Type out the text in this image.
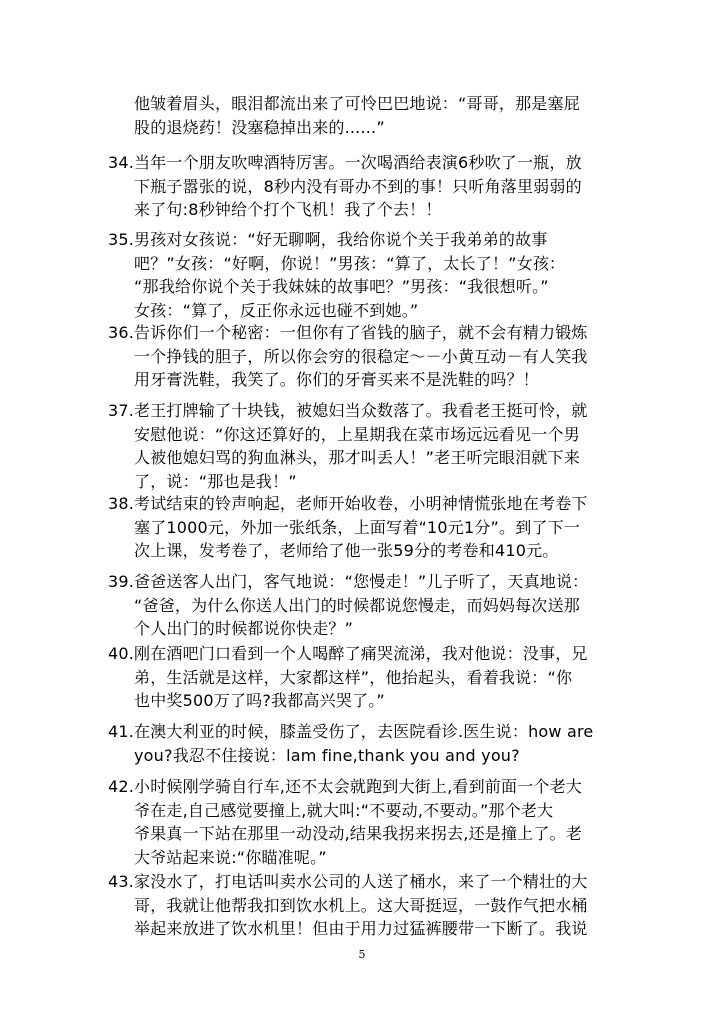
他皱着眉头，眼泪都流出来了可怜巴巴地说：“哥哥，那是塞屁
股的退烧药！没塞稳掉出来的......”
34. 当年一个朋友吹啤酒特厉害。一次喝酒给表演6秒吹了一瓶，放
下瓶子嚣张的说，8秒内没有哥办不到的事！只听角落里弱弱的
来了句:8秒钟给个打个飞机！我了个去！！
35. 男孩对女孩说：“好无聊啊，我给你说个关于我弟弟的故事
吧？”女孩：“好啊，你说！”男孩：“算了，太长了！”女孩：
“那我给你说个关于我妹妹的故事吧？”男孩：“我很想听。”
女孩：“算了，反正你永远也碰不到她。”
36. 告诉你们一个秘密：一但你有了省钱的脑子，就不会有精力锻炼
一个挣钱的胆子，所以你会穷的很稳定～－小黄互动－有人笑我
用牙膏洗鞋，我笑了。你们的牙膏买来不是洗鞋的吗？！
37. 老王打牌输了十块钱，被媳妇当众数落了。我看老王挺可怜，就
安慰他说：“你这还算好的，上星期我在菜市场远远看见一个男
人被他媳妇骂的狗血淋头，那才叫丢人！”老王听完眼泪就下来
了，说：“那也是我！”
38. 考试结束的铃声响起，老师开始收卷，小明神情慌张地在考卷下
塞了1000元，外加一张纸条，上面写着“10元1分”。到了下一
次上课，发考卷了，老师给了他一张59分的考卷和410元。
39. 爸爸送客人出门，客气地说：“您慢走！”儿子听了，天真地说：
“爸爸，为什么你送人出门的时候都说您慢走，而妈妈每次送那
个人出门的时候都说你快走？”
40. 刚在酒吧门口看到一个人喝醉了痛哭流涕，我对他说：没事，兄
弟，生活就是这样，大家都这样”，他抬起头，看着我说：“你
也中奖500万了吗?我都高兴哭了。”
41. 在澳大利亚的时候，膝盖受伤了，去医院看诊.医生说：how are
you?我忍不住接说：lam fine,thank you and you?
42. 小时候刚学骑自行车,还不太会就跑到大街上,看到前面一个老大
爷在走,自己感觉要撞上,就大叫:“不要动,不要动。”那个老大
爷果真一下站在那里一动没动,结果我拐来拐去,还是撞上了。老
大爷站起来说:“你瞄准呢。”
43. 家没水了，打电话叫卖水公司的人送了桶水，来了一个精壮的大
哥，我就让他帮我扣到饮水机上。这大哥挺逗，一鼓作气把水桶
举起来放进了饮水机里！但由于用力过猛裤腰带一下断了。我说
5
